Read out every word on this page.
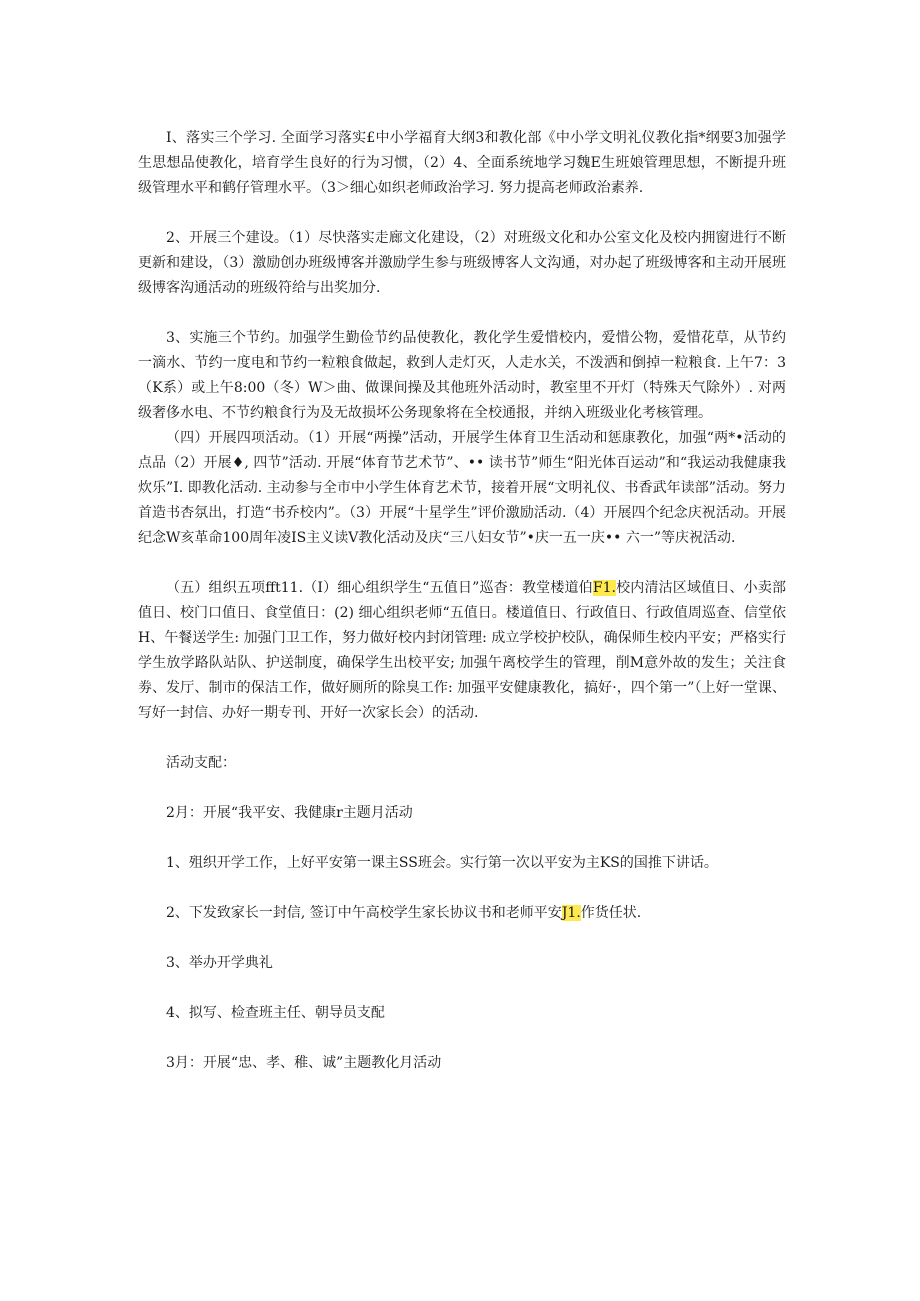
I、落实三个学习. 全面学习落实£中小学福育大纲3和教化部《中小学文明礼仪教化指*纲要3加强学生思想品使教化，培育学生良好的行为习惯，（2）4、全面系统地学习魏E生班娘管理思想，不断提升班级管理水平和鹤仔管理水平。（3＞细心如织老师政治学习. 努力提高老师政治素养.

2、开展三个建设。（1）尽快落实走廊文化建设，（2）对班级文化和办公室文化及校内拥窗进行不断更新和建设，（3）激励创办班级博客并激励学生参与班级博客人文沟通，对办起了班级博客和主动开展班级博客沟通活动的班级符给与出奖加分.

3、实施三个节约。加强学生勤俭节约品使教化，教化学生爱惜校内，爱惜公物，爱惜花草，从节约一滴水、节约一度电和节约一粒粮食做起，救到人走灯灭，人走水关，不泼洒和倒掉一粒粮食. 上午7：3（K系）或上午8:00（冬）W＞曲、做课间操及其他班外活动时，教室里不开灯（特殊天气除外）. 对两级奢侈水电、不节约粮食行为及无故损坏公务现象将在全校通报，并纳入班级业化考核管理。

（四）开展四项活动。（1）开展“两操”活动，开展学生体育卫生活动和惩康教化，加强“两*•活动的点品（2）开展♦, 四节”活动. 开展“体育节艺术节”、•• 读书节”师生“阳光体百运动”和“我运动我健康我炊乐”I. 即教化活动. 主动参与全市中小学生体育艺术节，接着开展“文明礼仪、书香武年读部”活动。努力首造书杏氛出，打造“书乔校内”。（3）开展“十星学生”评价激励活动.（4）开展四个纪念庆祝活动。开展纪念W亥革命100周年凌IS主义读V教化活动及庆“三八妇女节”•庆一五一庆•• 六一”等庆祝活动.

（五）组织五项fft11.（I）细心组织学生“五值日”巡杳：教堂楼道伯F1.校内清沽区域值日、小卖部值日、校门口值日、食堂值日：(2) 细心组织老师“五值日。楼道值日、行政值日、行政值周巡查、信堂依H、午餐送学生: 加强门卫工作，努力做好校内封闭管理: 成立学校护校队，确保师生校内平安；严格实行学生放学路队站队、护送制度，确保学生出校平安; 加强午离校学生的管理，削M意外故的发生；关注食劵、发厅、制市的保洁工作，做好厕所的除臭工作: 加强平安健康教化，搞好·，四个第一”（上好一堂课、写好一封信、办好一期专刊、开好一次家长会）的活动.

活动支配：

2月：开展“我平安、我健康r主题月活动

1、殂织开学工作，上好平安第一课主SS班会。实行第一次以平安为主KS的国推下讲话。

2、下发致家长一封信, 签订中午高校学生家长协议书和老师平安J1.作货任状.

3、举办开学典礼

4、拟写、检查班主任、朝导员支配

3月：开展“忠、孝、稚、诚”主题教化月活动
